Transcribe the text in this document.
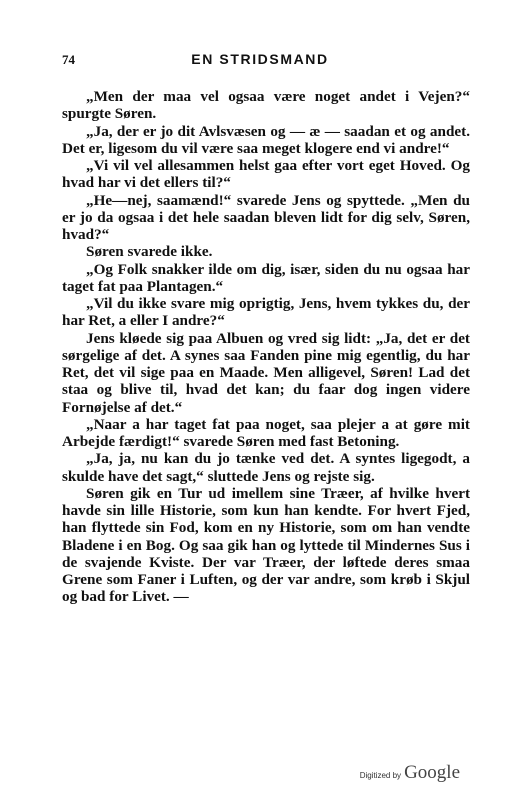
74	EN STRIDSMAND

„Men der maa vel ogsaa være noget andet i Vejen?“ spurgte Søren.

„Ja, der er jo dit Avlsvæsen og — æ — saadan et og andet. Det er, ligesom du vil være saa meget klogere end vi andre!“

„Vi vil vel allesammen helst gaa efter vort eget Hoved. Og hvad har vi det ellers til?“

„He—nej, saamænd!“ svarede Jens og spyttede. „Men du er jo da ogsaa i det hele saadan bleven lidt for dig selv, Søren, hvad?“

Søren svarede ikke.

„Og Folk snakker ilde om dig, især, siden du nu ogsaa har taget fat paa Plantagen.“

„Vil du ikke svare mig oprigtig, Jens, hvem tykkes du, der har Ret, a eller I andre?“

Jens kløede sig paa Albuen og vred sig lidt: „Ja, det er det sørgelige af det. A synes saa Fanden pine mig egentlig, du har Ret, det vil sige paa en Maade. Men alligevel, Søren! Lad det staa og blive til, hvad det kan; du faar dog ingen videre Fornøjelse af det.“

„Naar a har taget fat paa noget, saa plejer a at gøre mit Arbejde færdigt!“ svarede Søren med fast Betoning.

„Ja, ja, nu kan du jo tænke ved det. A syntes ligegodt, a skulde have det sagt,“ sluttede Jens og rejste sig.

Søren gik en Tur ud imellem sine Træer, af hvilke hvert havde sin lille Historie, som kun han kendte. For hvert Fjed, han flyttede sin Fod, kom en ny Historie, som om han vendte Bladene i en Bog. Og saa gik han og lyttede til Mindernes Sus i de svajende Kviste. Der var Træer, der løftede deres smaa Grene som Faner i Luften, og der var andre, som krøb i Skjul og bad for Livet. —

Digitized by Google
